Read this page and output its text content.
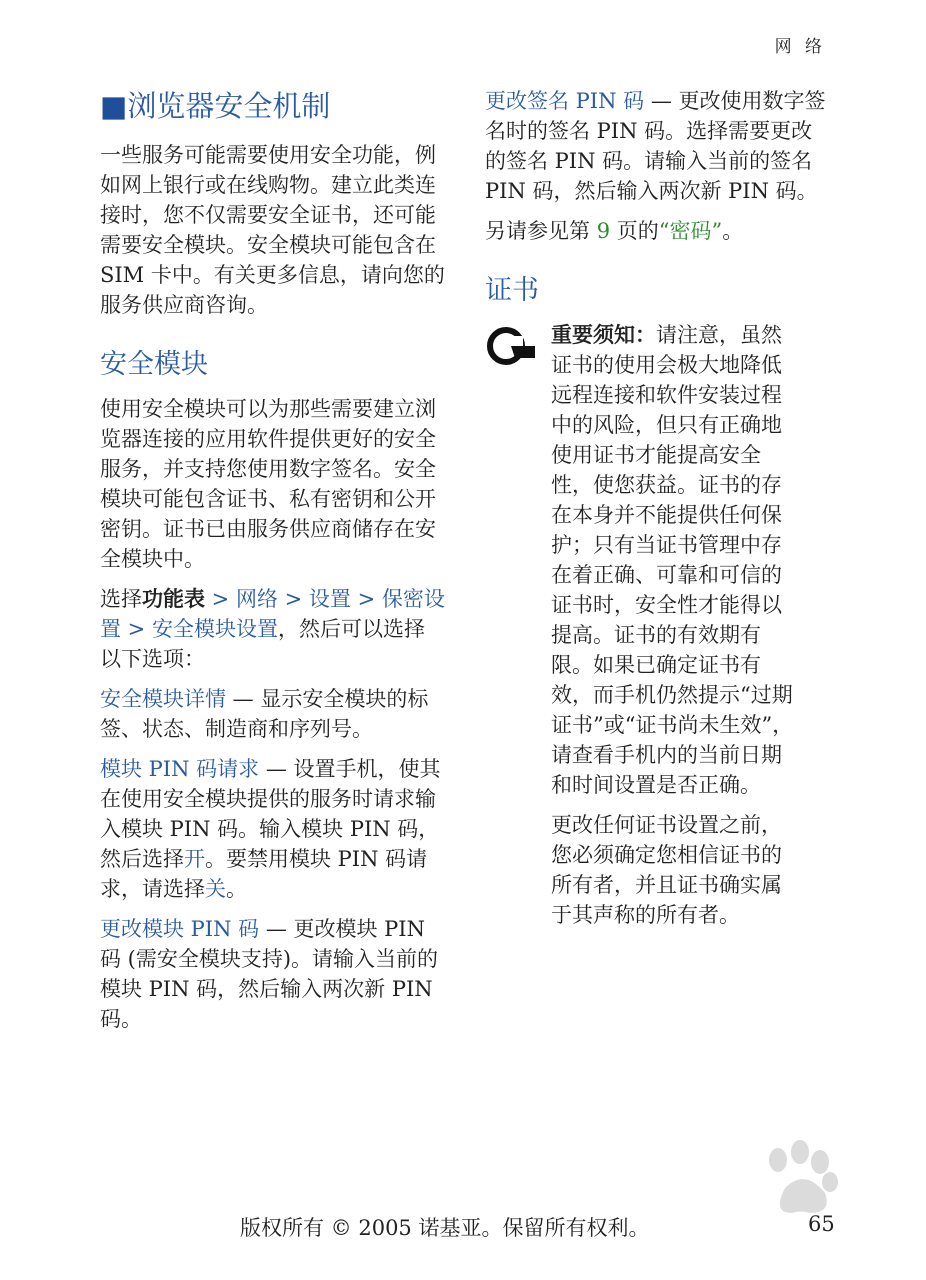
网 络
■浏览器安全机制

一些服务可能需要使用安全功能，例如网上银行或在线购物。建立此类连接时，您不仅需要安全证书，还可能需要安全模块。安全模块可能包含在 SIM 卡中。有关更多信息，请向您的服务供应商咨询。

安全模块

使用安全模块可以为那些需要建立浏览器连接的应用软件提供更好的安全服务，并支持您使用数字签名。安全模块可能包含证书、私有密钥和公开密钥。证书已由服务供应商储存在安全模块中。

选择功能表 > 网络 > 设置 > 保密设置 > 安全模块设置，然后可以选择以下选项：

安全模块详情 — 显示安全模块的标签、状态、制造商和序列号。

模块 PIN 码请求 — 设置手机，使其在使用安全模块提供的服务时请求输入模块 PIN 码。输入模块 PIN 码，然后选择开。要禁用模块 PIN 码请求，请选择关。

更改模块 PIN 码 — 更改模块 PIN 码 (需安全模块支持)。请输入当前的模块 PIN 码，然后输入两次新 PIN 码。

更改签名 PIN 码 — 更改使用数字签名时的签名 PIN 码。选择需要更改的签名 PIN 码。请输入当前的签名 PIN 码，然后输入两次新 PIN 码。

另请参见第 9 页的“密码”。

证书

重要须知：请注意，虽然证书的使用会极大地降低远程连接和软件安装过程中的风险，但只有正确地使用证书才能提高安全性，使您获益。证书的存在本身并不能提供任何保护；只有当证书管理中存在着正确、可靠和可信的证书时，安全性才能得以提高。证书的有效期有限。如果已确定证书有效，而手机仍然提示“过期证书”或“证书尚未生效”，请查看手机内的当前日期和时间设置是否正确。

更改任何证书设置之前，您必须确定您相信证书的所有者，并且证书确实属于其声称的所有者。

版权所有 © 2005 诺基亚。保留所有权利。	65
